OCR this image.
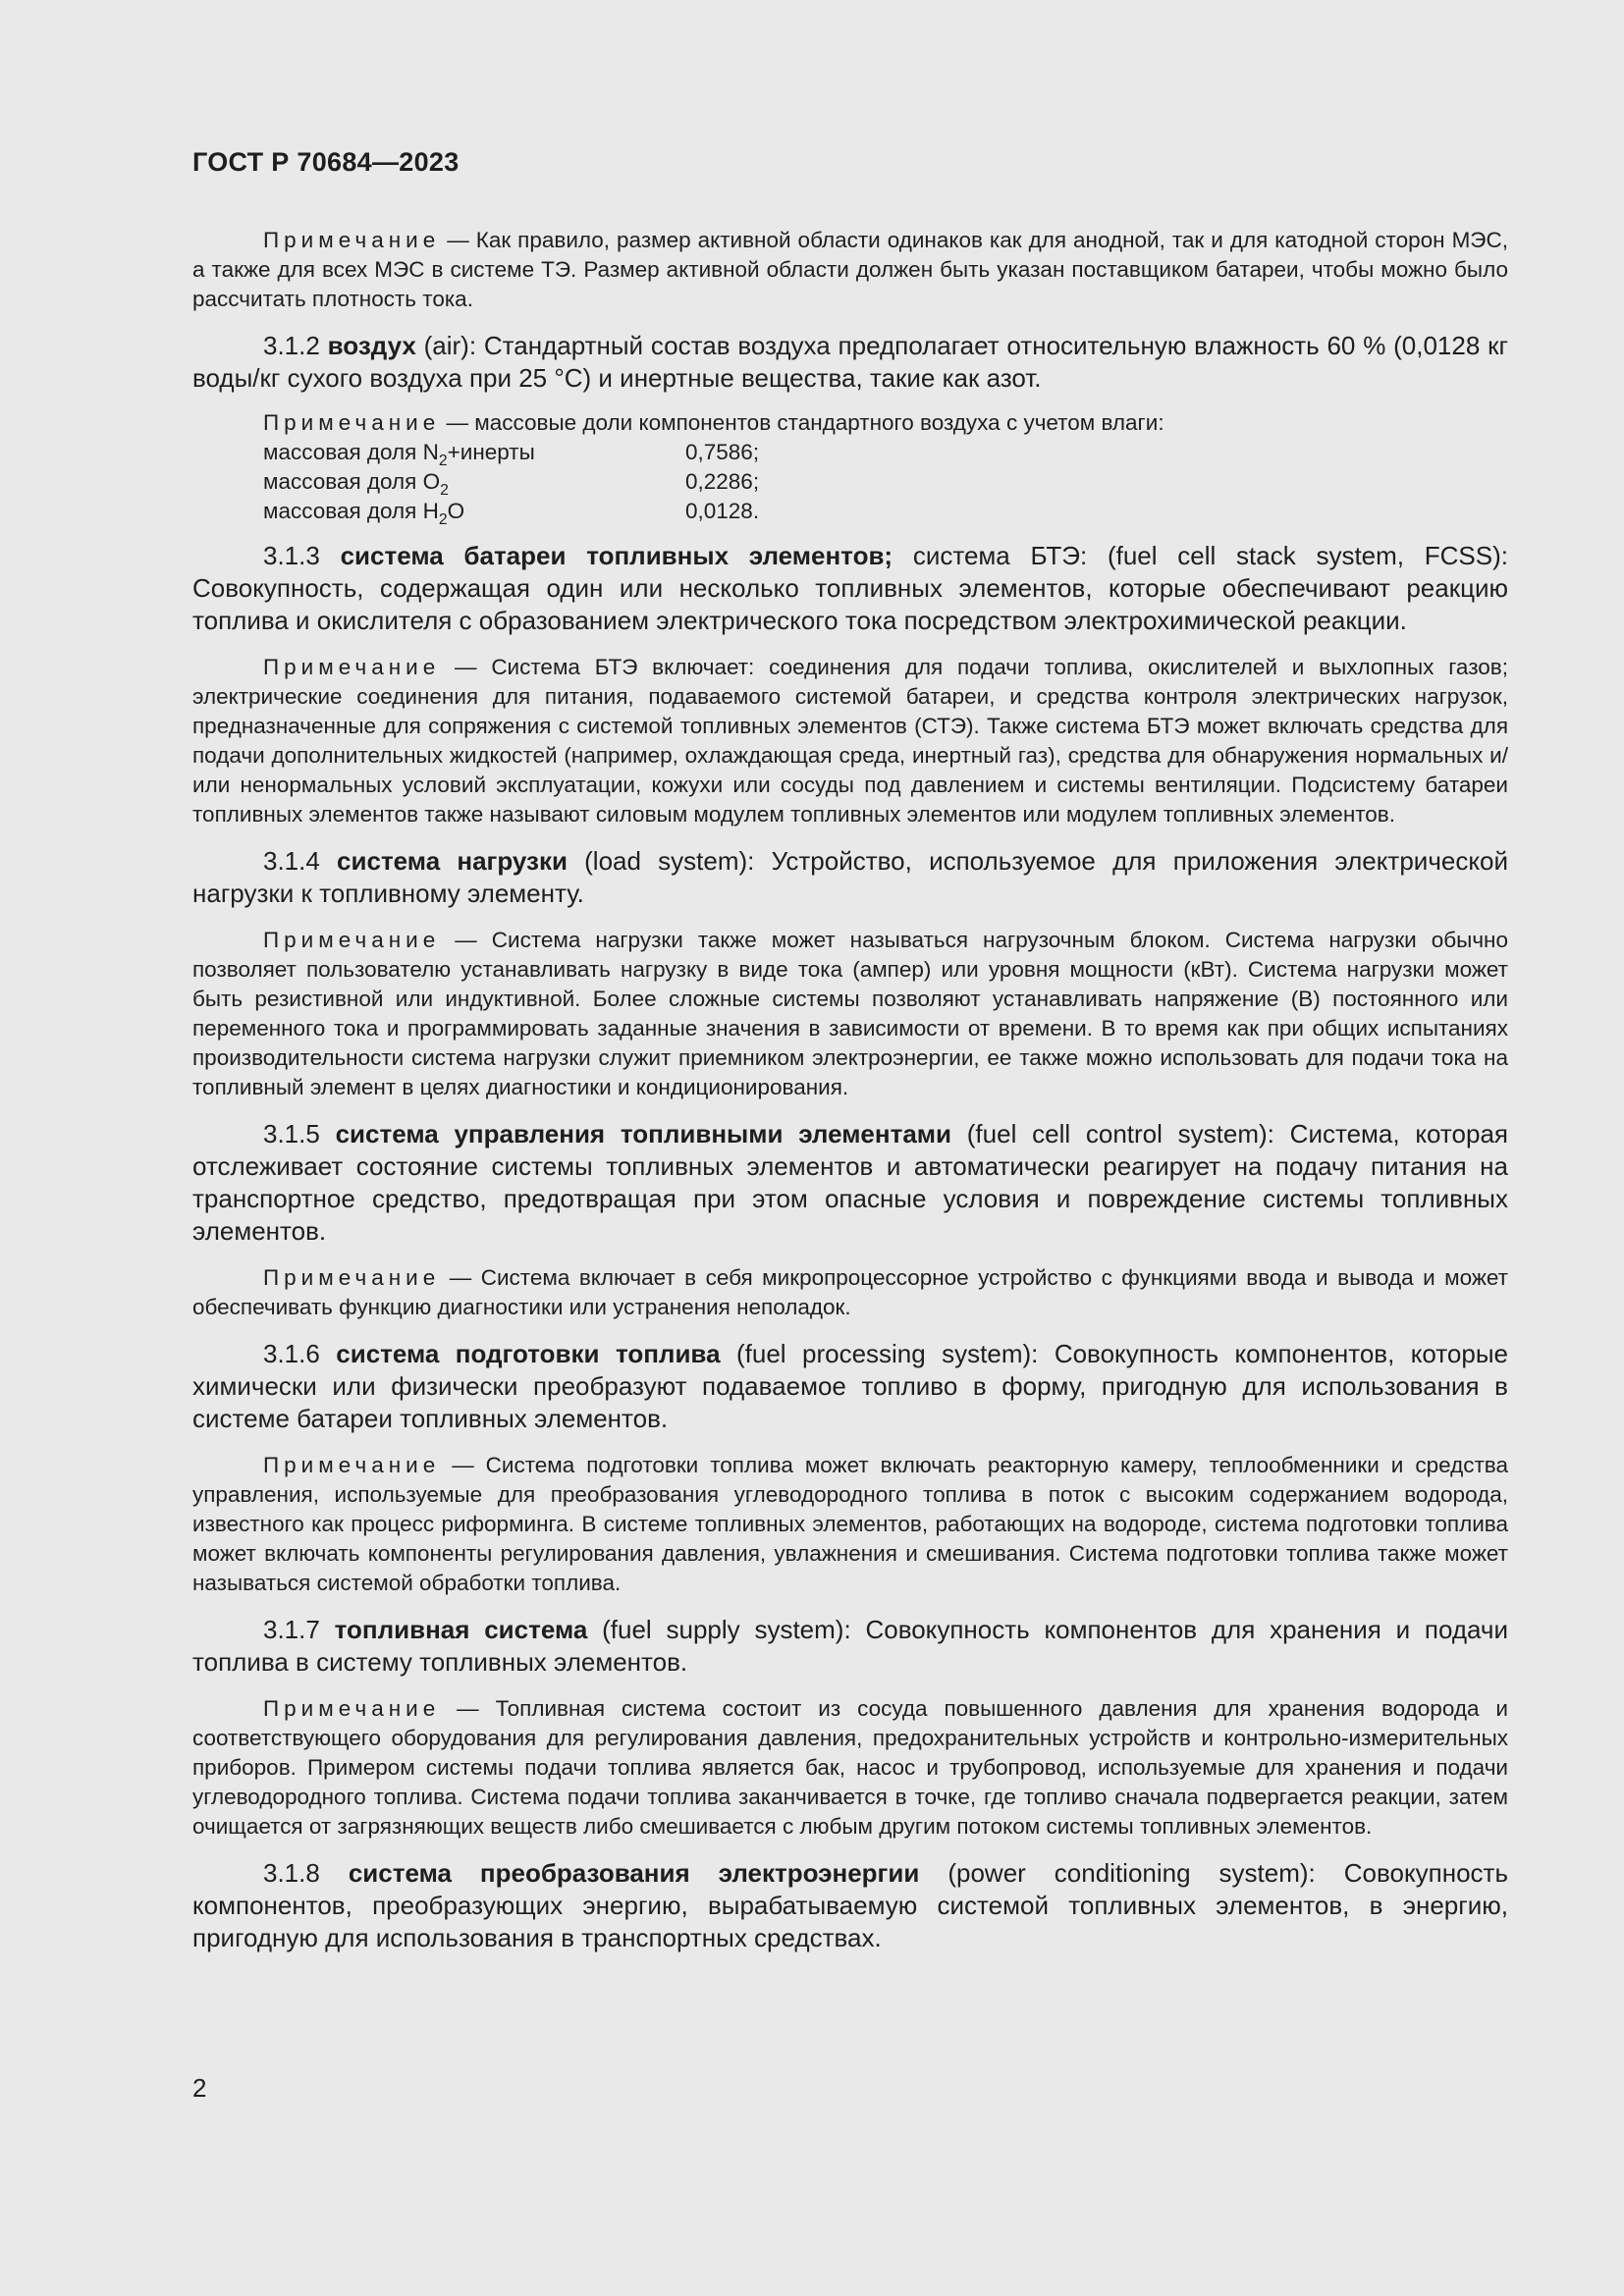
ГОСТ Р 70684—2023

Примечание — Как правило, размер активной области одинаков как для анодной, так и для катодной сторон МЭС, а также для всех МЭС в системе ТЭ. Размер активной области должен быть указан поставщиком батареи, чтобы можно было рассчитать плотность тока.

3.1.2 воздух (air): Стандартный состав воздуха предполагает относительную влажность 60 % (0,0128 кг воды/кг сухого воздуха при 25 °С) и инертные вещества, такие как азот.

Примечание — массовые доли компонентов стандартного воздуха с учетом влаги:

массовая доля $N_2+инерты$	0,7586;
массовая доля $O_2$	0,2286;
массовая доля $H_2O$	0,0128.

3.1.3 система батареи топливных элементов; система БТЭ: (fuel cell stack system, FCSS): Совокупность, содержащая один или несколько топливных элементов, которые обеспечивают реакцию топлива и окислителя с образованием электрического тока посредством электрохимической реакции.

Примечание — Система БТЭ включает: соединения для подачи топлива, окислителей и выхлопных газов; электрические соединения для питания, подаваемого системой батареи, и средства контроля электрических нагрузок, предназначенные для сопряжения с системой топливных элементов (СТЭ). Также система БТЭ может включать средства для подачи дополнительных жидкостей (например, охлаждающая среда, инертный газ), средства для обнаружения нормальных и/или ненормальных условий эксплуатации, кожухи или сосуды под давлением и системы вентиляции. Подсистему батареи топливных элементов также называют силовым модулем топливных элементов или модулем топливных элементов.

3.1.4 система нагрузки (load system): Устройство, используемое для приложения электрической нагрузки к топливному элементу.

Примечание — Система нагрузки также может называться нагрузочным блоком. Система нагрузки обычно позволяет пользователю устанавливать нагрузку в виде тока (ампер) или уровня мощности (кВт). Система нагрузки может быть резистивной или индуктивной. Более сложные системы позволяют устанавливать напряжение (В) постоянного или переменного тока и программировать заданные значения в зависимости от времени. В то время как при общих испытаниях производительности система нагрузки служит приемником электроэнергии, ее также можно использовать для подачи тока на топливный элемент в целях диагностики и кондиционирования.

3.1.5 система управления топливными элементами (fuel cell control system): Система, которая отслеживает состояние системы топливных элементов и автоматически реагирует на подачу питания на транспортное средство, предотвращая при этом опасные условия и повреждение системы топливных элементов.

Примечание — Система включает в себя микропроцессорное устройство с функциями ввода и вывода и может обеспечивать функцию диагностики или устранения неполадок.

3.1.6 система подготовки топлива (fuel processing system): Совокупность компонентов, которые химически или физически преобразуют подаваемое топливо в форму, пригодную для использования в системе батареи топливных элементов.

Примечание — Система подготовки топлива может включать реакторную камеру, теплообменники и средства управления, используемые для преобразования углеводородного топлива в поток с высоким содержанием водорода, известного как процесс риформинга. В системе топливных элементов, работающих на водороде, система подготовки топлива может включать компоненты регулирования давления, увлажнения и смешивания. Система подготовки топлива также может называться системой обработки топлива.

3.1.7 топливная система (fuel supply system): Совокупность компонентов для хранения и подачи топлива в систему топливных элементов.

Примечание — Топливная система состоит из сосуда повышенного давления для хранения водорода и соответствующего оборудования для регулирования давления, предохранительных устройств и контрольно-измерительных приборов. Примером системы подачи топлива является бак, насос и трубопровод, используемые для хранения и подачи углеводородного топлива. Система подачи топлива заканчивается в точке, где топливо сначала подвергается реакции, затем очищается от загрязняющих веществ либо смешивается с любым другим потоком системы топливных элементов.

3.1.8 система преобразования электроэнергии (power conditioning system): Совокупность компонентов, преобразующих энергию, вырабатываемую системой топливных элементов, в энергию, пригодную для использования в транспортных средствах.

2
